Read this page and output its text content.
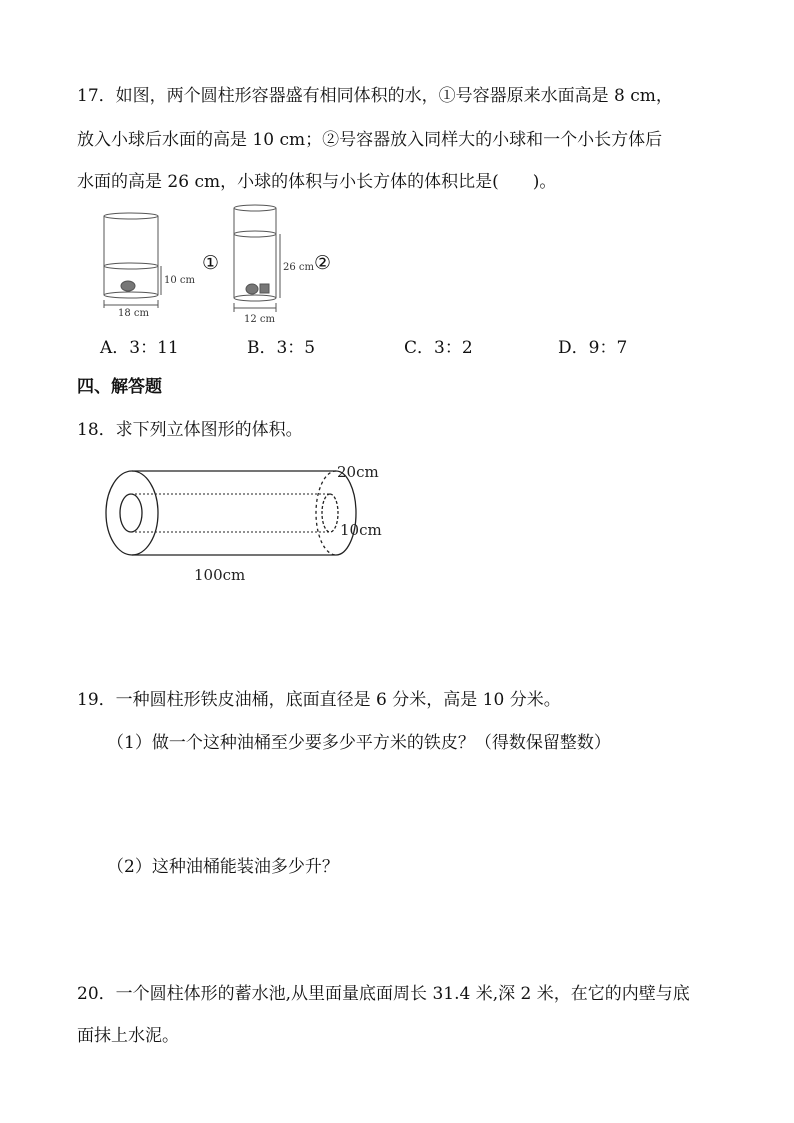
17．如图，两个圆柱形容器盛有相同体积的水，①号容器原来水面高是 8 cm，
放入小球后水面的高是 10 cm；②号容器放入同样大的小球和一个小长方体后
水面的高是 26 cm，小球的体积与小长方体的体积比是(　　)。
10 cm
18 cm
①	26 cm
12 cm
②
A．3：11	B．3：5	C．3：2	D．9：7
四、解答题
18．求下列立体图形的体积。
20cm
10cm
100cm
19．一种圆柱形铁皮油桶，底面直径是 6 分米，高是 10 分米。
（1）做一个这种油桶至少要多少平方米的铁皮？（得数保留整数）
（2）这种油桶能装油多少升？
20．一个圆柱体形的蓄水池,从里面量底面周长 31.4 米,深 2 米，在它的内壁与底
面抹上水泥。
